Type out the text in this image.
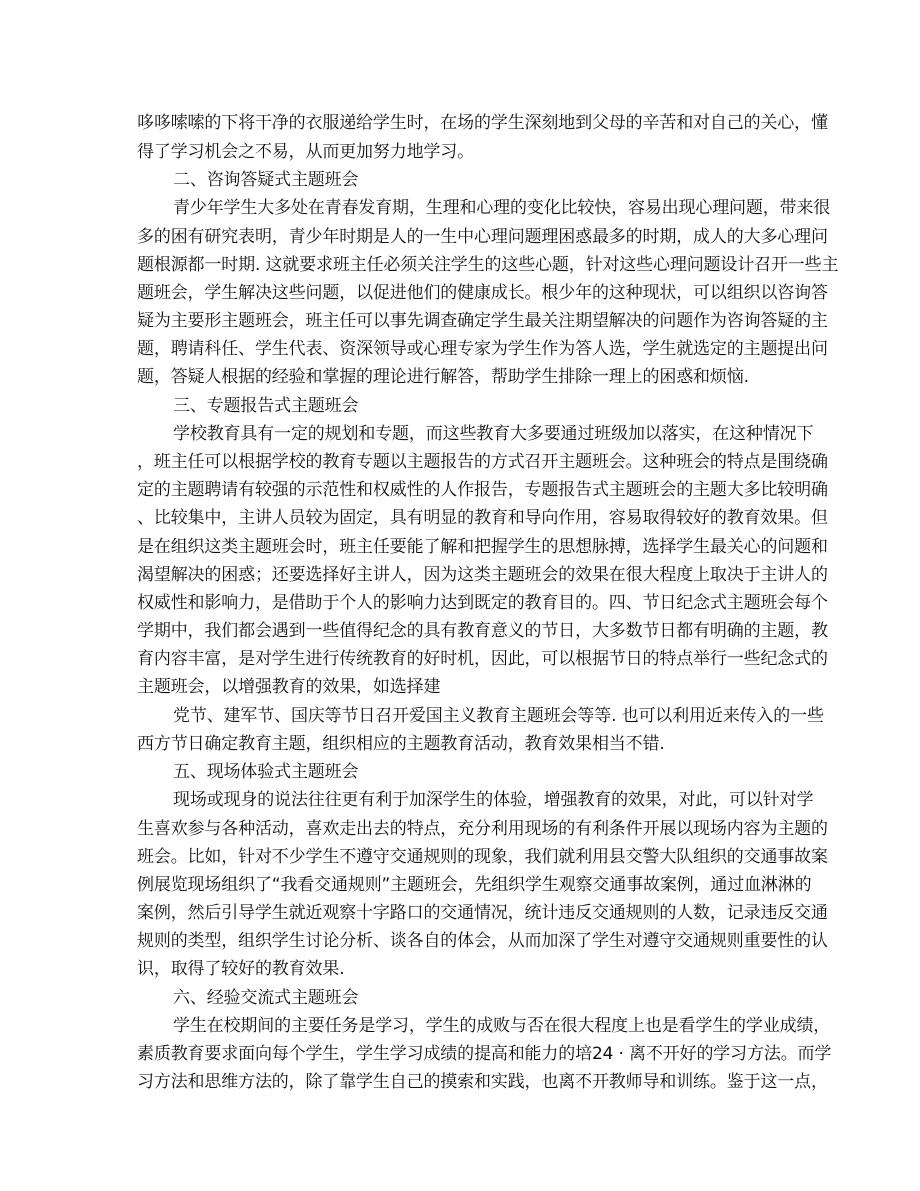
哆哆嗦嗦的下将干净的衣服递给学生时，在场的学生深刻地到父母的辛苦和对自己的关心，懂
得了学习机会之不易，从而更加努力地学习。
二、咨询答疑式主题班会
青少年学生大多处在青春发育期，生理和心理的变化比较快，容易出现心理问题，带来很
多的困有研究表明，青少年时期是人的一生中心理问题理困惑最多的时期，成人的大多心理问
题根源都一时期. 这就要求班主任必须关注学生的这些心题，针对这些心理问题设计召开一些主
题班会，学生解决这些问题，以促进他们的健康成长。根少年的这种现状，可以组织以咨询答
疑为主要形主题班会，班主任可以事先调查确定学生最关注期望解决的问题作为咨询答疑的主
题，聘请科任、学生代表、资深领导或心理专家为学生作为答人选，学生就选定的主题提出问
题，答疑人根据的经验和掌握的理论进行解答，帮助学生排除一理上的困惑和烦恼.
三、专题报告式主题班会
学校教育具有一定的规划和专题，而这些教育大多要通过班级加以落实，在这种情况下
，班主任可以根据学校的教育专题以主题报告的方式召开主题班会。这种班会的特点是围绕确
定的主题聘请有较强的示范性和权威性的人作报告，专题报告式主题班会的主题大多比较明确
、比较集中，主讲人员较为固定，具有明显的教育和导向作用，容易取得较好的教育效果。但
是在组织这类主题班会时，班主任要能了解和把握学生的思想脉搏，选择学生最关心的问题和
渴望解决的困惑；还要选择好主讲人，因为这类主题班会的效果在很大程度上取决于主讲人的
权威性和影响力，是借助于个人的影响力达到既定的教育目的。四、节日纪念式主题班会每个
学期中，我们都会遇到一些值得纪念的具有教育意义的节日，大多数节日都有明确的主题，教
育内容丰富，是对学生进行传统教育的好时机，因此，可以根据节日的特点举行一些纪念式的
主题班会，以增强教育的效果，如选择建
党节、建军节、国庆等节日召开爱国主义教育主题班会等等. 也可以利用近来传入的一些
西方节日确定教育主题，组织相应的主题教育活动，教育效果相当不错.
五、现场体验式主题班会
现场或现身的说法往往更有利于加深学生的体验，增强教育的效果，对此，可以针对学
生喜欢参与各种活动，喜欢走出去的特点，充分利用现场的有利条件开展以现场内容为主题的
班会。比如，针对不少学生不遵守交通规则的现象，我们就利用县交警大队组织的交通事故案
例展览现场组织了“我看交通规则”主题班会，先组织学生观察交通事故案例，通过血淋淋的
案例，然后引导学生就近观察十字路口的交通情况，统计违反交通规则的人数，记录违反交通
规则的类型，组织学生讨论分析、谈各自的体会，从而加深了学生对遵守交通规则重要性的认
识，取得了较好的教育效果.
六、经验交流式主题班会
学生在校期间的主要任务是学习，学生的成败与否在很大程度上也是看学生的学业成绩，
素质教育要求面向每个学生，学生学习成绩的提高和能力的培24 · 离不开好的学习方法。而学
习方法和思维方法的，除了靠学生自己的摸索和实践，也离不开教师导和训练。鉴于这一点，
